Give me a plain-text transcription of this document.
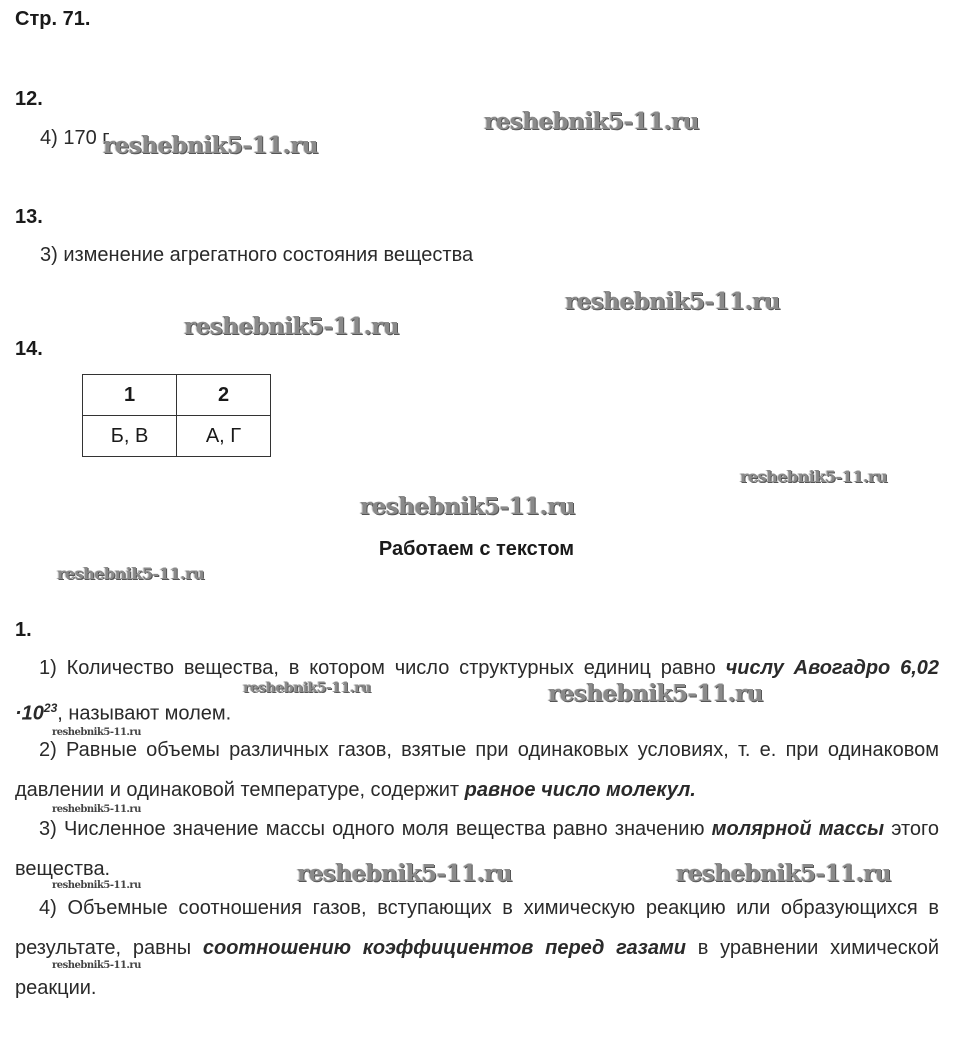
Стр. 71.
12.
4) 170 г
13.
3) изменение агрегатного состояния вещества
14.
1	2
Б, В	А, Г
Работаем с текстом
1.
1) Количество вещества, в котором число структурных единиц равно числу Авогадро $6,02 \cdot 10^{23}$, называют молем.
2) Равные объемы различных газов, взятые при одинаковых условиях, т. е. при одинаковом давлении и одинаковой температуре, содержит равное число молекул.
3) Численное значение массы одного моля вещества равно значению молярной массы этого вещества.
4) Объемные соотношения газов, вступающих в химическую реакцию или образующихся в результате, равны соотношению коэффициентов перед газами в уравнении химической реакции.
reshebnik5-11.ru
reshebnik5-11.ru
reshebnik5-11.ru
reshebnik5-11.ru
reshebnik5-11.ru
reshebnik5-11.ru
reshebnik5-11.ru
reshebnik5-11.ru	reshebnik5-11.ru
reshebnik5-11.ru
reshebnik5-11.ru
reshebnik5-11.ru	reshebnik5-11.ru
reshebnik5-11.ru
reshebnik5-11.ru
